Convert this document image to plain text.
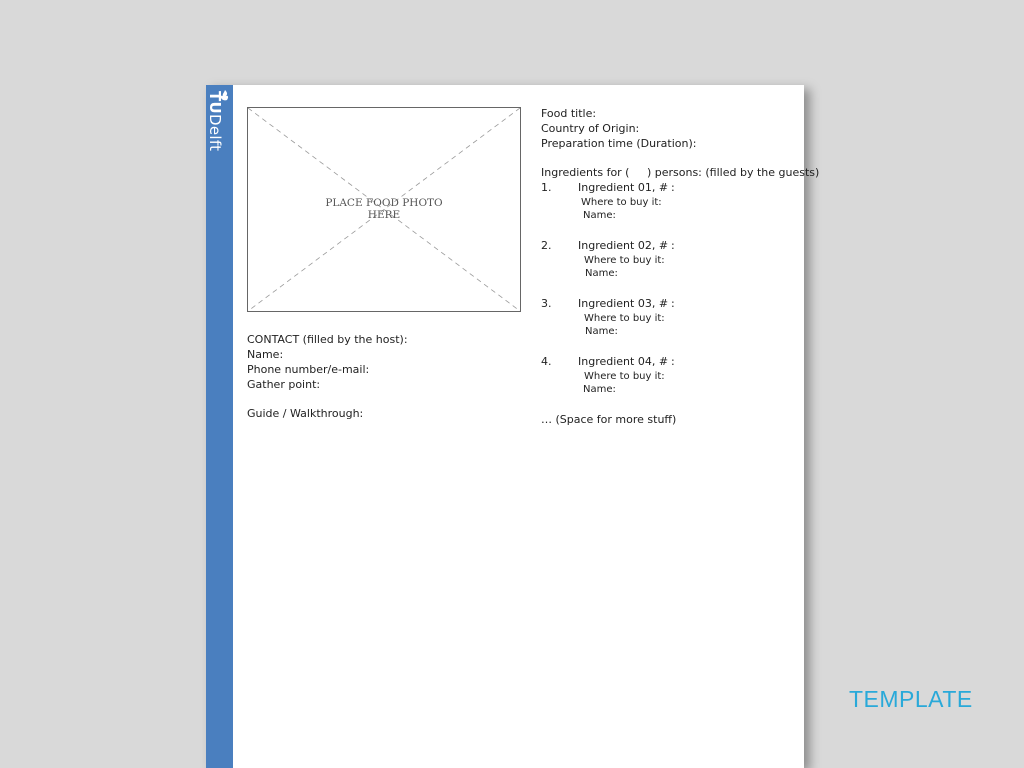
TUDelft
PLACE FOOD PHOTO
HERE
CONTACT (filled by the host):
Name:
Phone number/e-mail:
Gather point:
Guide / Walkthrough:
Food title:
Country of Origin:
Preparation time (Duration):
Ingredients for (     ) persons: (filled by the guests)
1. Ingredient 01, # :
Where to buy it:
Name:
2. Ingredient 02, # :
Where to buy it:
Name:
3. Ingredient 03, # :
Where to buy it:
Name:
4. Ingredient 04, # :
Where to buy it:
Name:
… (Space for more stuff)
TEMPLATE
